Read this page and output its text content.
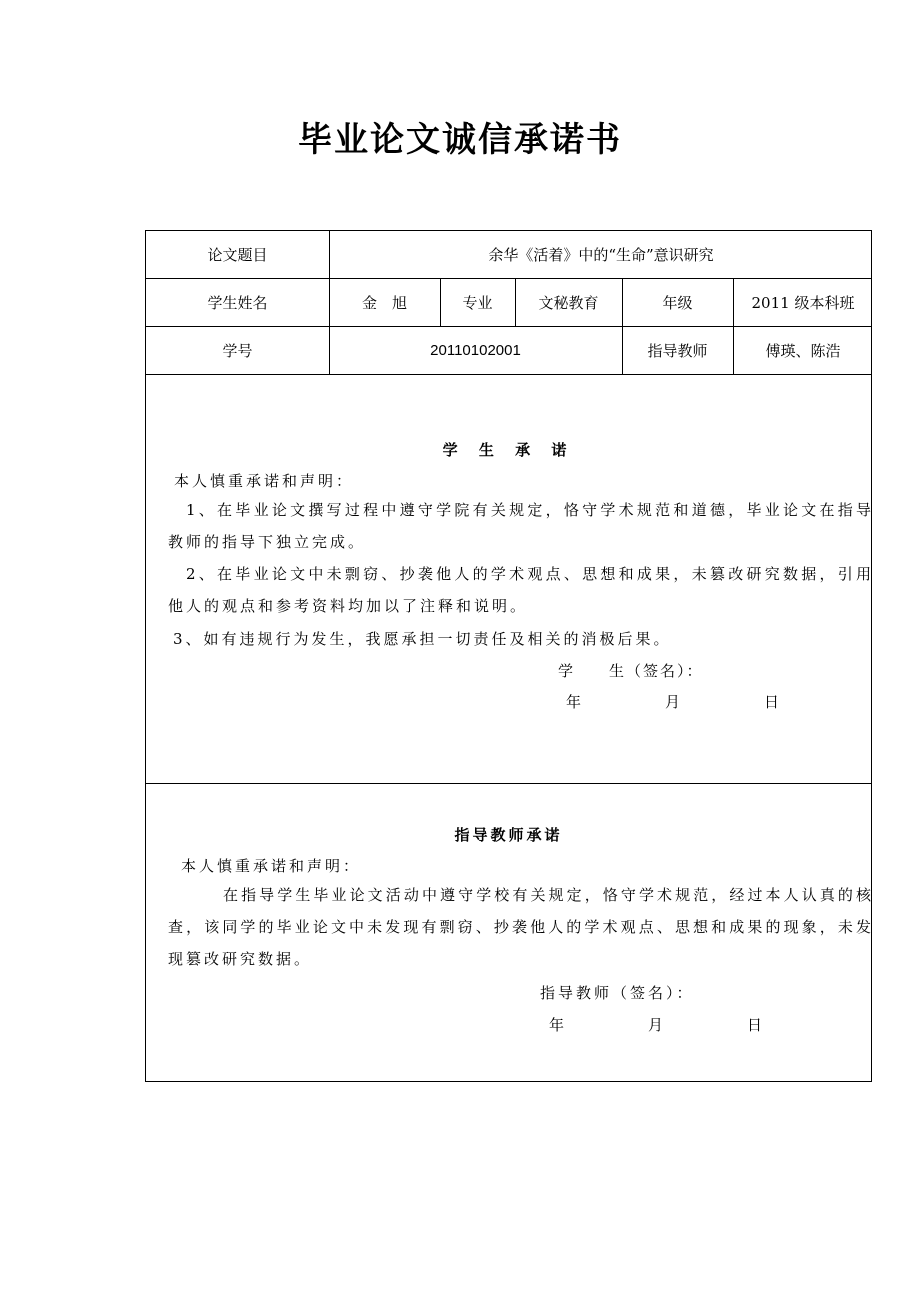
毕业论文诚信承诺书
论文题目	余华《活着》中的“生命”意识研究
学生姓名	金　旭	专业	文秘教育	年级	2011 级本科班
学号	20110102001	指导教师	傅瑛、陈浩
学 生 承 诺
本人慎重承诺和声明：
1、在毕业论文撰写过程中遵守学院有关规定，恪守学术规范和道德，毕业论文在指导教师的指导下独立完成。
2、在毕业论文中未剽窃、抄袭他人的学术观点、思想和成果，未篡改研究数据，引用他人的观点和参考资料均加以了注释和说明。
3、如有违规行为发生，我愿承担一切责任及相关的消极后果。
学　　生（签名）：
年　　月　　日
指导教师承诺
本人慎重承诺和声明：
在指导学生毕业论文活动中遵守学校有关规定，恪守学术规范，经过本人认真的核查，该同学的毕业论文中未发现有剽窃、抄袭他人的学术观点、思想和成果的现象，未发现篡改研究数据。
指导教师（签名）：
年　　月　　日
